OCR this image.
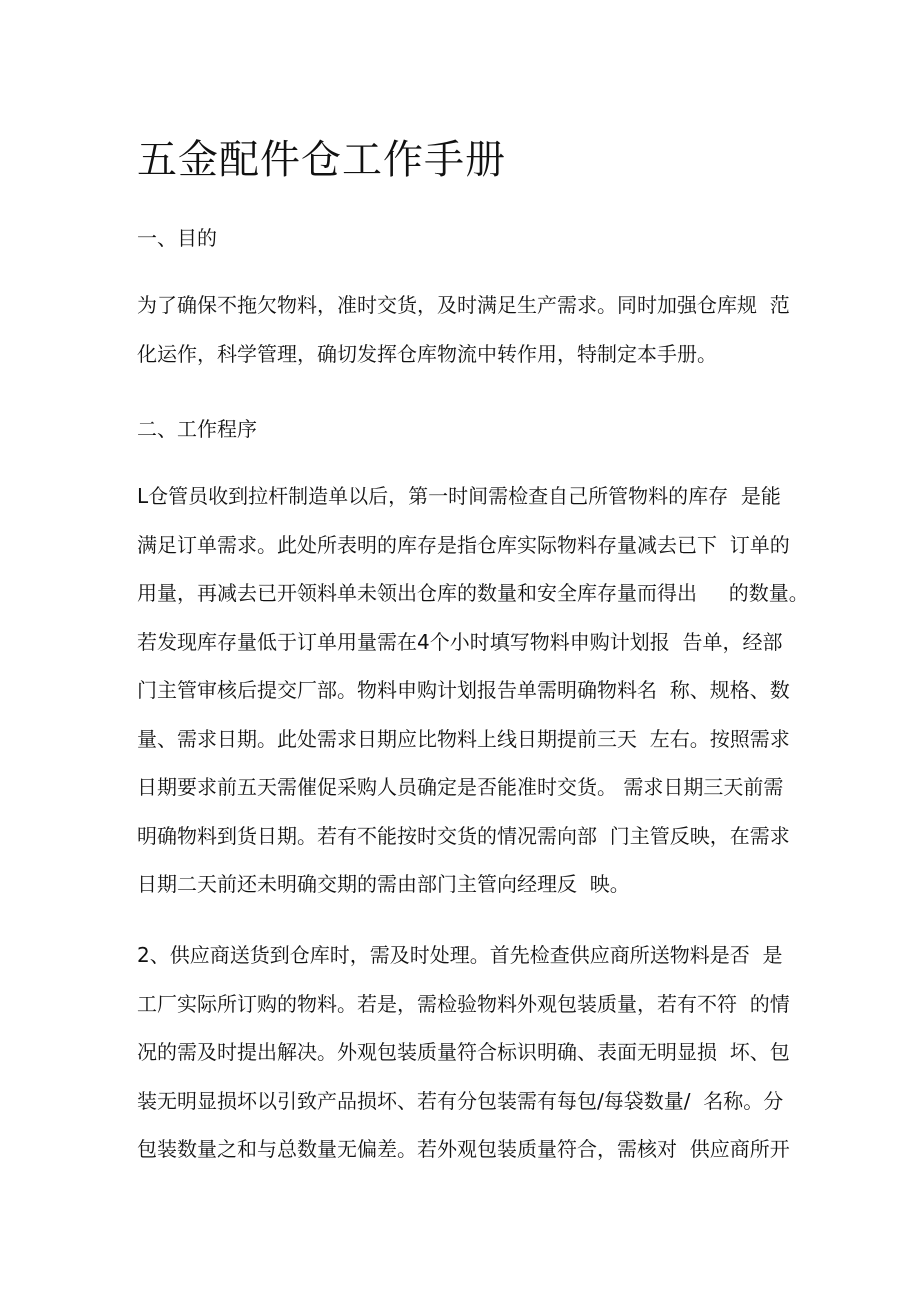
五金配件仓工作手册
一、目的
为了确保不拖欠物料，准时交货，及时满足生产需求。同时加强仓库规  范
化运作，科学管理，确切发挥仓库物流中转作用，特制定本手册。
二、工作程序
L仓管员收到拉杆制造单以后，第一时间需检查自己所管物料的库存  是能
满足订单需求。此处所表明的库存是指仓库实际物料存量减去已下  订单的
用量，再减去已开领料单未领出仓库的数量和安全库存量而得出     的数量。
若发现库存量低于订单用量需在4个小时填写物料申购计划报  告单，经部
门主管审核后提交厂部。物料申购计划报告单需明确物料名  称、规格、数
量、需求日期。此处需求日期应比物料上线日期提前三天  左右。按照需求
日期要求前五天需催促采购人员确定是否能准时交货。 需求日期三天前需
明确物料到货日期。若有不能按时交货的情况需向部  门主管反映，在需求
日期二天前还未明确交期的需由部门主管向经理反  映。
2、供应商送货到仓库时，需及时处理。首先检查供应商所送物料是否  是
工厂实际所订购的物料。若是，需检验物料外观包装质量，若有不符  的情
况的需及时提出解决。外观包装质量符合标识明确、表面无明显损  坏、包
装无明显损坏以引致产品损坏、若有分包装需有每包/每袋数量/  名称。分
包装数量之和与总数量无偏差。若外观包装质量符合，需核对  供应商所开
